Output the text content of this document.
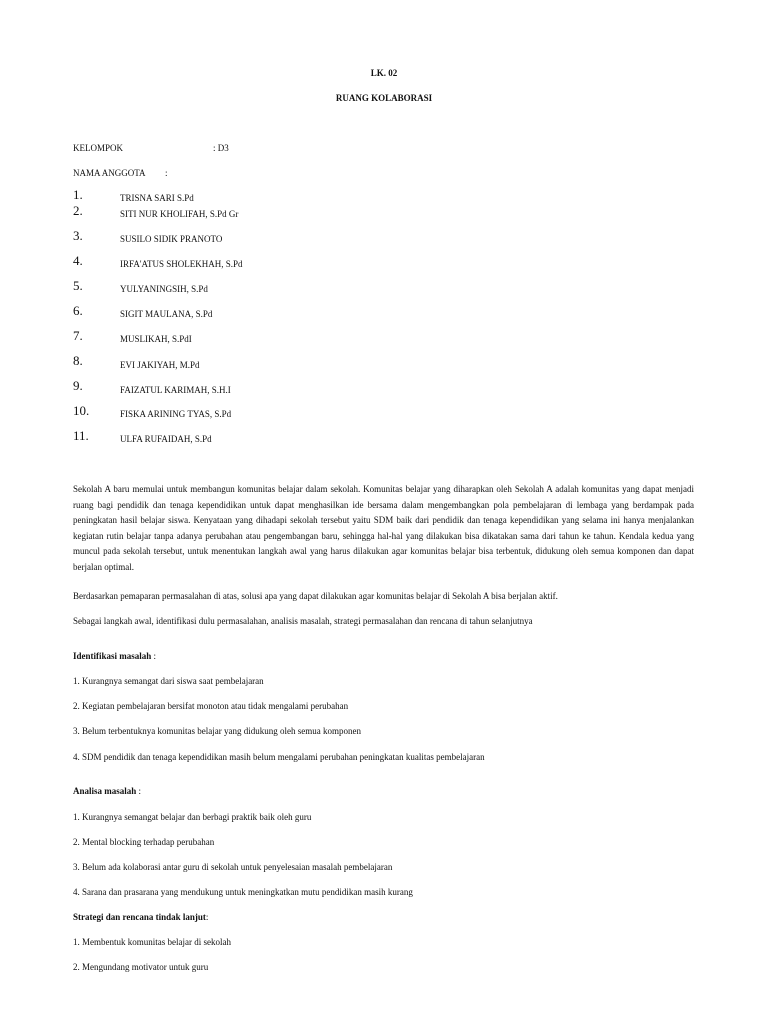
LK. 02
RUANG KOLABORASI
KELOMPOK	: D3
NAMA ANGGOTA :
1.	TRISNA SARI S.Pd
2.	SITI NUR KHOLIFAH, S.Pd Gr
3.	SUSILO SIDIK PRANOTO
4.	IRFA'ATUS SHOLEKHAH, S.Pd
5.	YULYANINGSIH, S.Pd
6.	SIGIT MAULANA, S.Pd
7.	MUSLIKAH, S.PdI
8.	EVI JAKIYAH, M.Pd
9.	FAIZATUL KARIMAH, S.H.I
10.	FISKA ARINING TYAS, S.Pd
11.	ULFA RUFAIDAH, S.Pd
Sekolah A baru memulai untuk membangun komunitas belajar dalam sekolah. Komunitas belajar yang diharapkan oleh Sekolah A adalah komunitas yang dapat menjadi ruang bagi pendidik dan tenaga kependidikan untuk dapat menghasilkan ide bersama dalam mengembangkan pola pembelajaran di lembaga yang berdampak pada peningkatan hasil belajar siswa. Kenyataan yang dihadapi sekolah tersebut yaitu SDM baik dari pendidik dan tenaga kependidikan yang selama ini hanya menjalankan kegiatan rutin belajar tanpa adanya perubahan atau pengembangan baru, sehingga hal-hal yang dilakukan bisa dikatakan sama dari tahun ke tahun. Kendala kedua yang muncul pada sekolah tersebut, untuk menentukan langkah awal yang harus dilakukan agar komunitas belajar bisa terbentuk, didukung oleh semua komponen dan dapat berjalan optimal.
Berdasarkan pemaparan permasalahan di atas, solusi apa yang dapat dilakukan agar komunitas belajar di Sekolah A bisa berjalan aktif.
Sebagai langkah awal, identifikasi dulu permasalahan, analisis masalah, strategi permasalahan dan rencana di tahun selanjutnya
Identifikasi masalah :
1. Kurangnya semangat dari siswa saat pembelajaran
2. Kegiatan pembelajaran bersifat monoton atau tidak mengalami perubahan
3. Belum terbentuknya komunitas belajar yang didukung oleh semua komponen
4. SDM pendidik dan tenaga kependidikan masih belum mengalami perubahan peningkatan kualitas pembelajaran
Analisa masalah :
1. Kurangnya semangat belajar dan berbagi praktik baik oleh guru
2. Mental blocking terhadap perubahan
3. Belum ada kolaborasi antar guru di sekolah untuk penyelesaian masalah pembelajaran
4. Sarana dan prasarana yang mendukung untuk meningkatkan mutu pendidikan masih kurang
Strategi dan rencana tindak lanjut:
1. Membentuk komunitas belajar di sekolah
2. Mengundang motivator untuk guru
